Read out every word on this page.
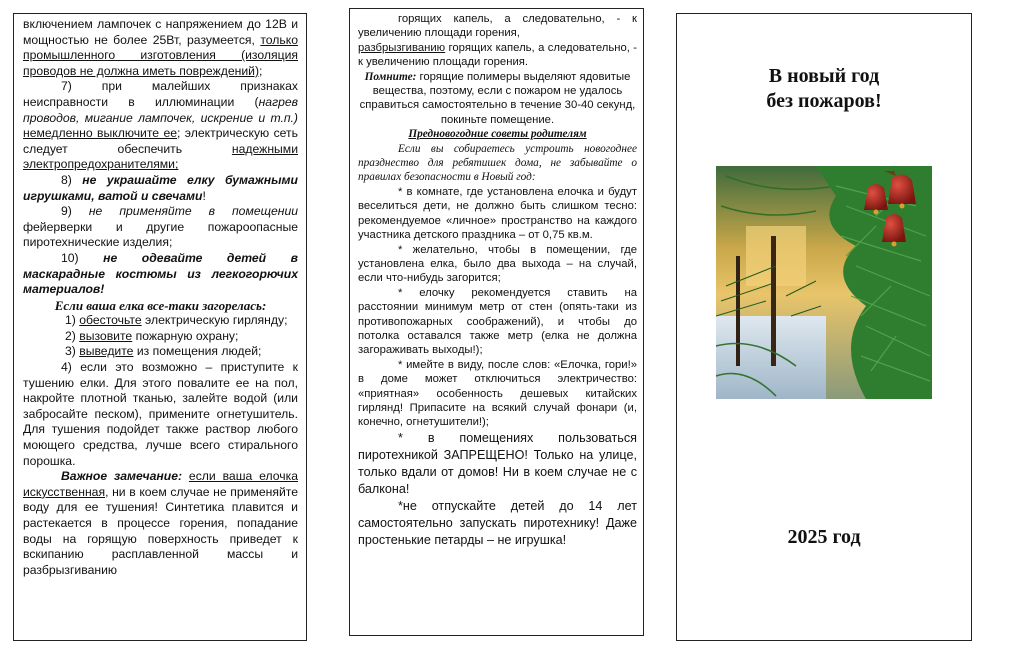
включением лампочек с напряжением до 12В и мощностью не более 25Вт, разумеется, только промышленного изготовления (изоляция проводов не должна иметь повреждений);

7) при малейших признаках неисправности в иллюминации (нагрев проводов, мигание лампочек, искрение и т.п.) немедленно выключите ее; электрическую сеть следует обеспечить	надежными электропредохранителями;

8) не украшайте елку бумажными игрушками, ватой и свечами!

9) не применяйте в помещении фейерверки и другие пожароопасные пиротехнические изделия;

10) не одевайте детей в маскарадные костюмы из легкогорючих материалов!

Если ваша елка все-таки загорелась:

1) обесточьте электрическую гирлянду;

2) вызовите пожарную охрану;

3) выведите из помещения людей;

4) если это возможно – приступите к тушению елки. Для этого повалите ее на пол, накройте плотной тканью, залейте водой (или забросайте песком), примените огнетушитель. Для тушения подойдет также раствор любого моющего средства, лучше всего стирального порошка.

Важное замечание: если ваша елочка искусственная, ни в коем случае не применяйте воду для ее тушения! Синтетика плавится и растекается в процессе горения, попадание воды на горящую поверхность приведет к вскипанию расплавленной массы и разбрызгиванию

горящих капель, а следовательно, - к увеличению площади горения,

разбрызгиванию горящих капель, а следовательно, - к увеличению площади горения.

Помните: горящие полимеры выделяют ядовитые вещества, поэтому, если с пожаром не удалось справиться самостоятельно в течение 30-40 секунд, покиньте помещение.

Предновогодние советы родителям

Если вы собираетесь устроить новогоднее празднество для ребятишек дома, не забывайте о правилах безопасности в Новый год:

* в комнате, где установлена елочка и будут веселиться дети, не должно быть слишком тесно: рекомендуемое «личное» пространство на каждого участника детского праздника – от 0,75 кв.м.

* желательно, чтобы в помещении, где установлена елка, было два выхода – на случай, если что-нибудь загорится;

* елочку рекомендуется ставить на расстоянии минимум метр от стен (опять-таки из противопожарных соображений), и чтобы до потолка оставался также метр (елка не должна загораживать выходы!);

* имейте в виду, после слов: «Елочка, гори!» в доме может отключиться электричество: «приятная» особенность дешевых китайских гирлянд! Припасите на всякий случай фонари (и, конечно, огнетушители!);

* в помещениях пользоваться пиротехникой ЗАПРЕЩЕНО! Только на улице, только вдали от домов! Ни в коем случае не с балкона!

*не отпускайте детей до 14 лет самостоятельно запускать пиротехнику! Даже простенькие петарды – не игрушка!

В новый год
без пожаров!
2025 год
